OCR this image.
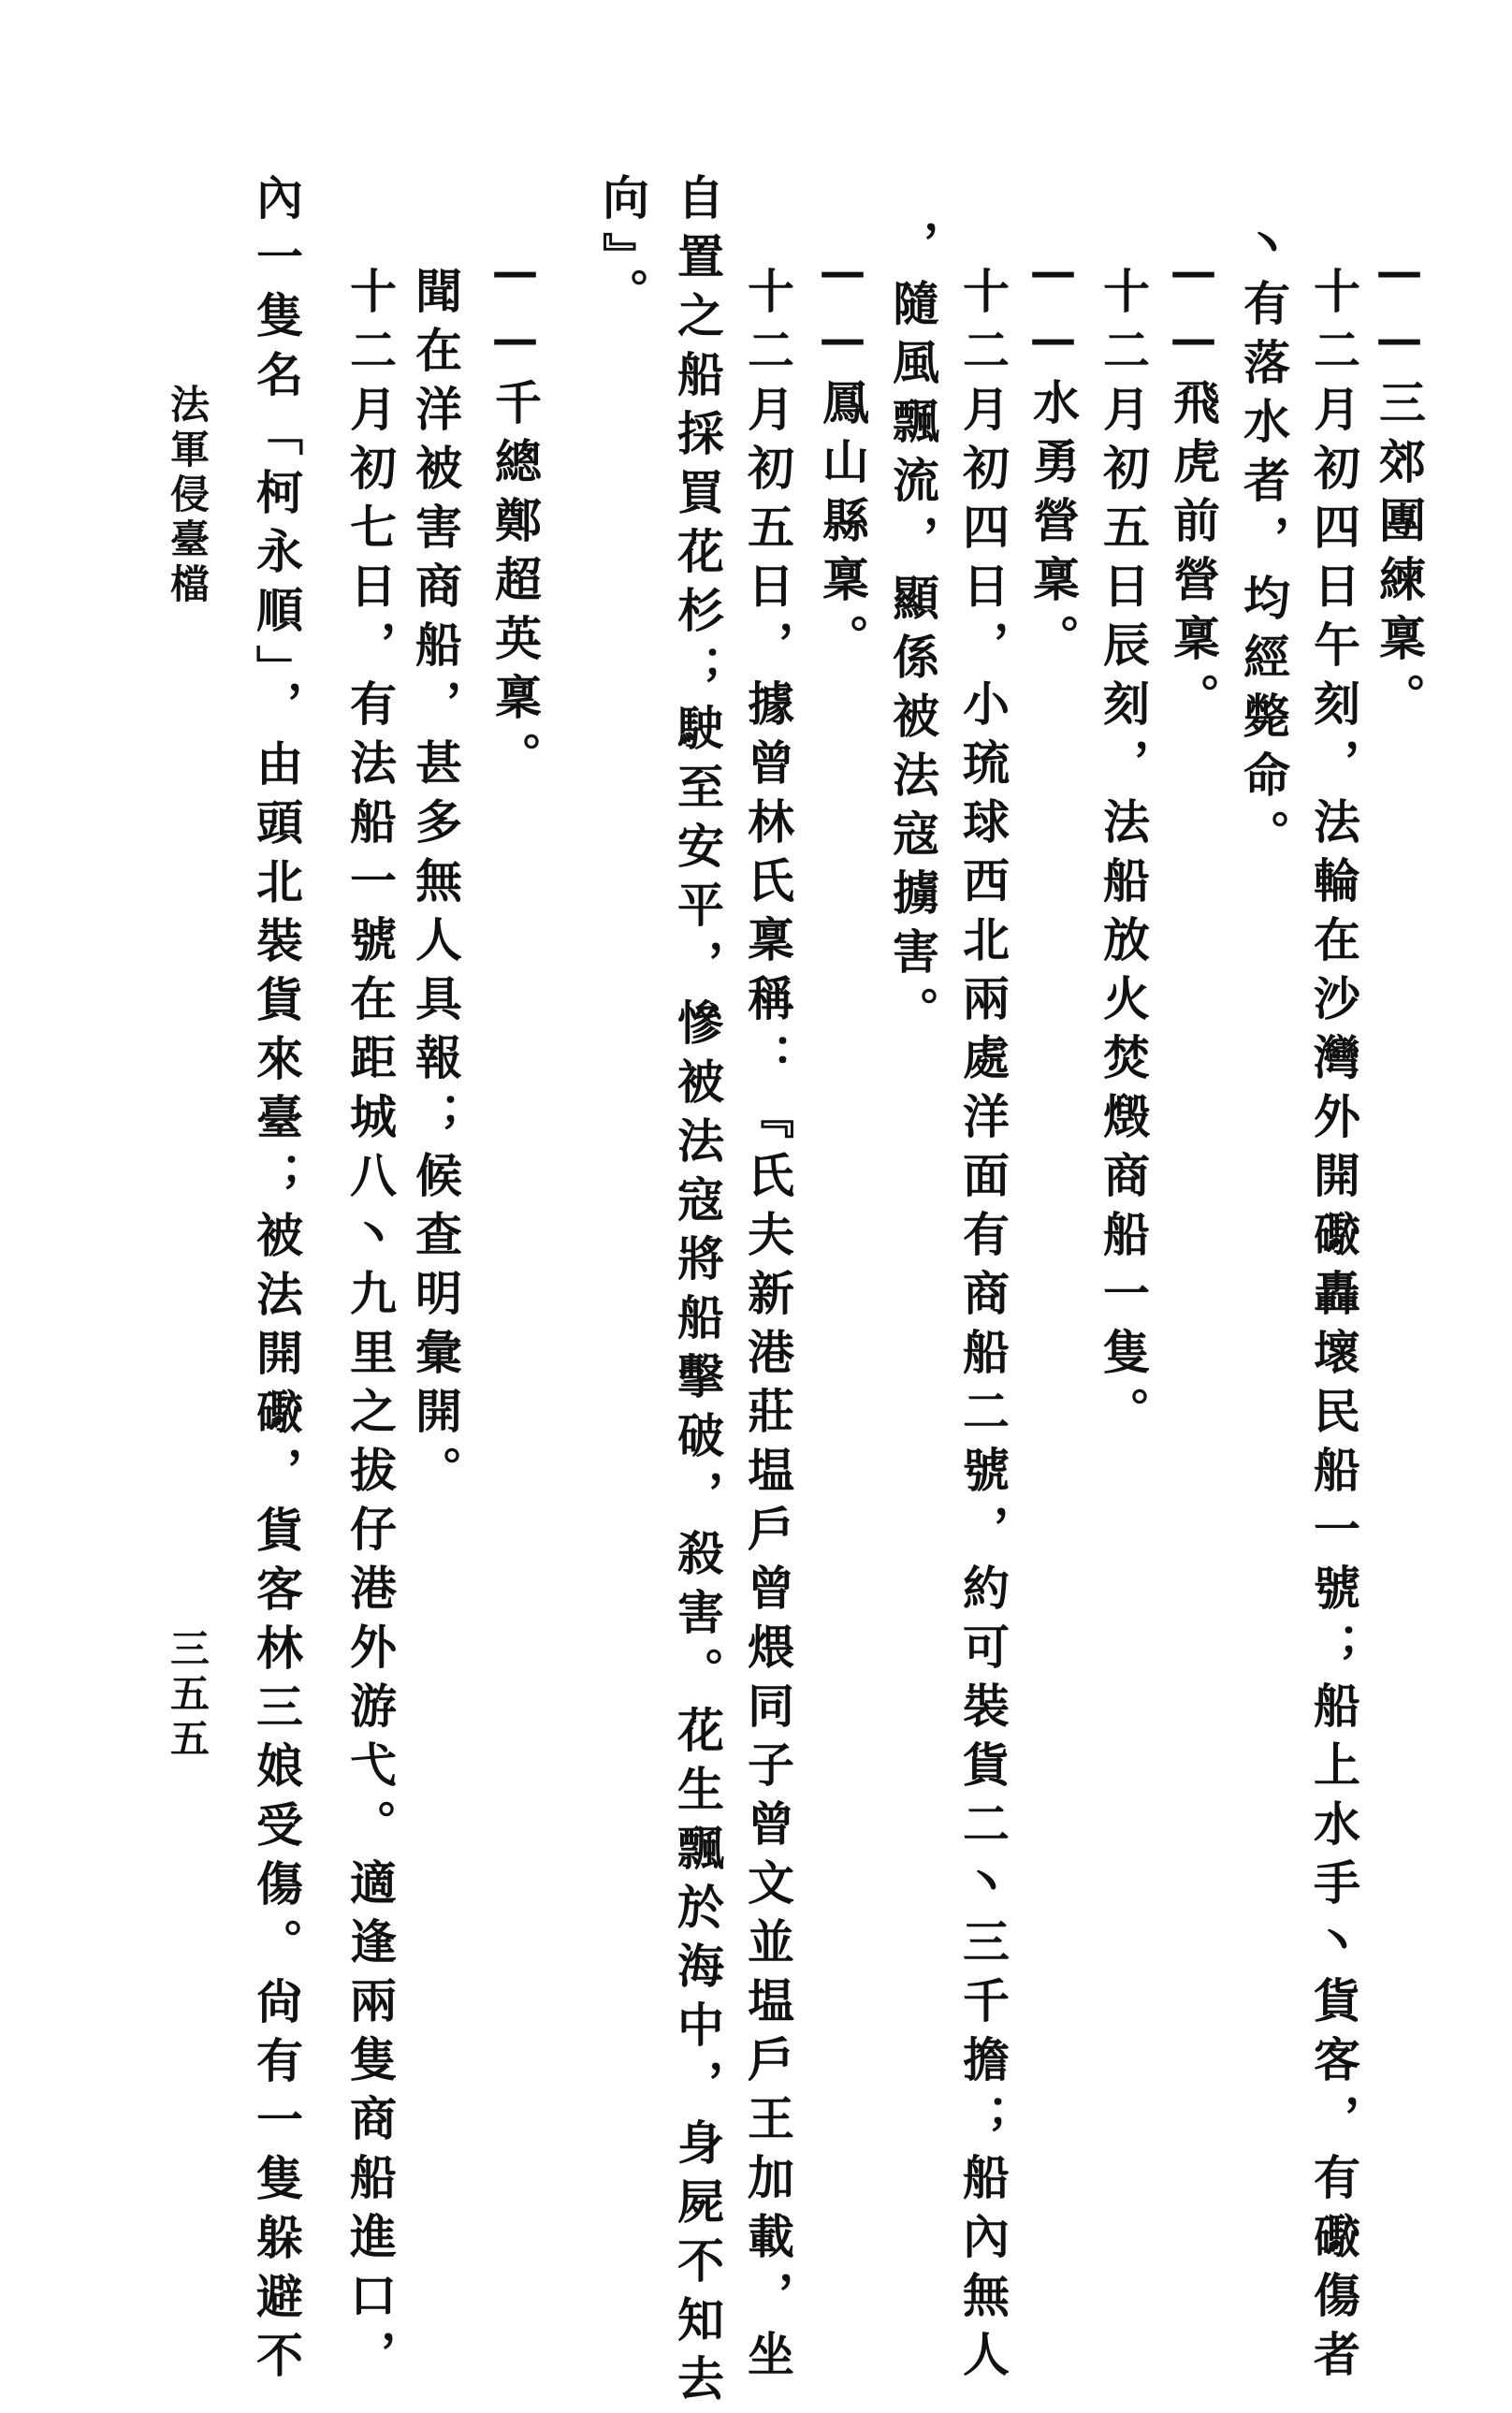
——三郊團練稟。
十二月初四日午刻，法輪在沙灣外開礮轟壞民船一號；船上水手丶貨客，有礮傷者
丶有落水者，均經斃命。
——飛虎前營稟。
十二月初五日辰刻，法船放火焚燬商船一隻。
——水勇營稟。
十二月初四日，小琉球西北兩處洋面有商船二號，約可裝貨二丶三千擔；船內無人
，隨風飄流，顯係被法寇擄害。
——鳳山縣稟。
十二月初五日，據曾林氏稟稱：『氏夫新港莊塭戶曾煨同子曾文並塭戶王加載，坐
自置之船採買花杉；駛至安平，慘被法寇將船擊破，殺害。花生飄於海中，身屍不知去
向』。
——千總鄭超英稟。
聞在洋被害商船，甚多無人具報；候查明彙開。
十二月初七日，有法船一號在距城八丶九里之拔仔港外游弋。適逢兩隻商船進口，
內一隻名「柯永順」，由頭北裝貨來臺；被法開礮，貨客林三娘受傷。尙有一隻躲避不
法軍侵臺檔
三五五
